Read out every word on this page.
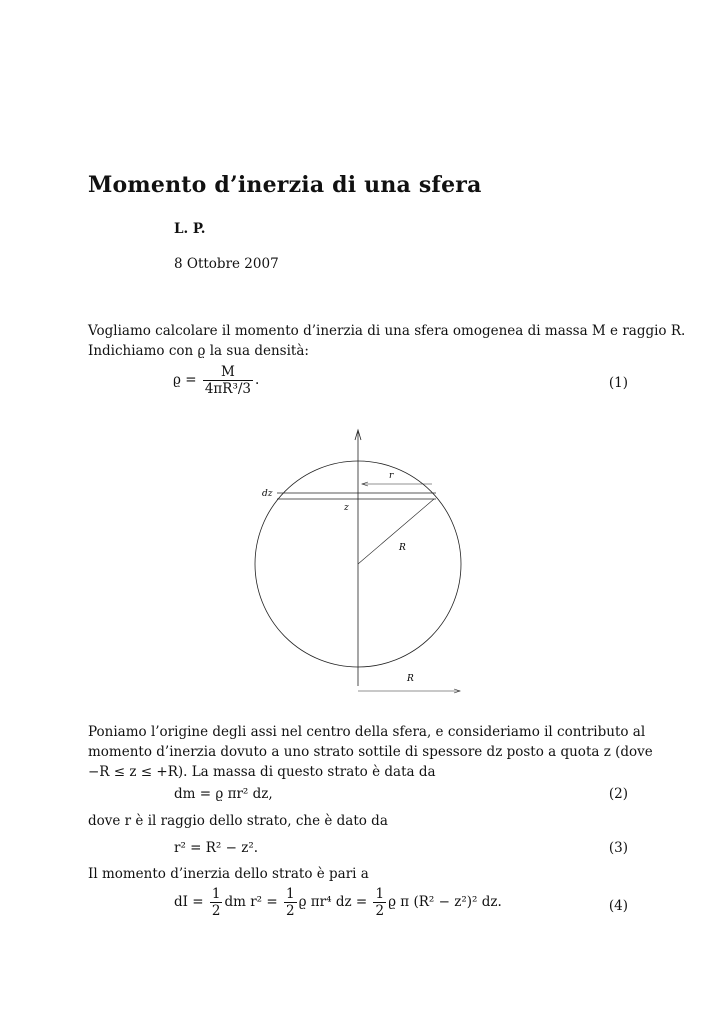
Momento d’inerzia di una sfera
L. P.
8 Ottobre 2007
Vogliamo calcolare il momento d’inerzia di una sfera omogenea di massa M e raggio R.
Indichiamo con ϱ la sua densità:
$ϱ = \frac{M}{\text{4πR³/3}}$ .	(1)
r
dz
z
R
R
Poniamo l’origine degli assi nel centro della sfera, e consideriamo il contributo al
momento d’inerzia dovuto a uno strato sottile di spessore dz posto a quota z (dove
−R ≤ z ≤ +R). La massa di questo strato è data da
dm = ϱ πr² dz,	(2)
dove r è il raggio dello strato, che è dato da
r² = R² − z².	(3)
Il momento d’inerzia dello strato è pari a
dI = $\frac{1}{2}$ dm $r^2 = \frac{1}{2}$ ϱ πr⁴ dz = $\frac{1}{2}$ ϱ π (R² − z²)² dz.	(4)
